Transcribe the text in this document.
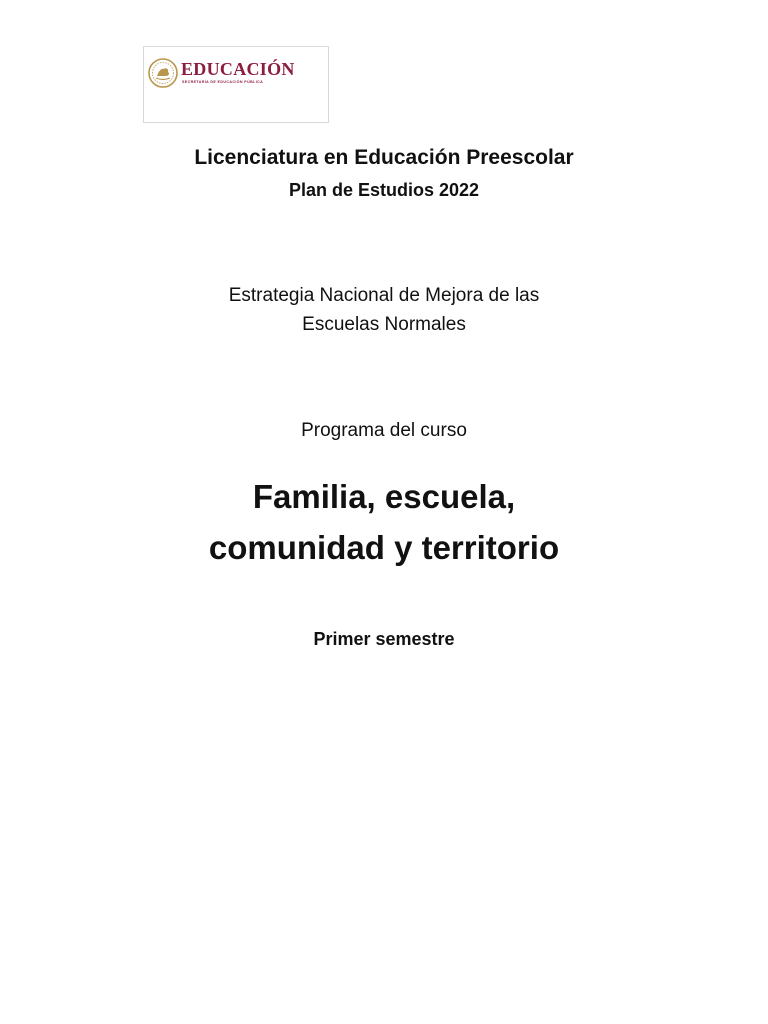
EDUCACIÓN
SECRETARÍA DE EDUCACIÓN PÚBLICA

Licenciatura en Educación Preescolar

Plan de Estudios 2022

Estrategia Nacional de Mejora de las

Escuelas Normales

Programa del curso

Familia, escuela,

comunidad y territorio

Primer semestre
